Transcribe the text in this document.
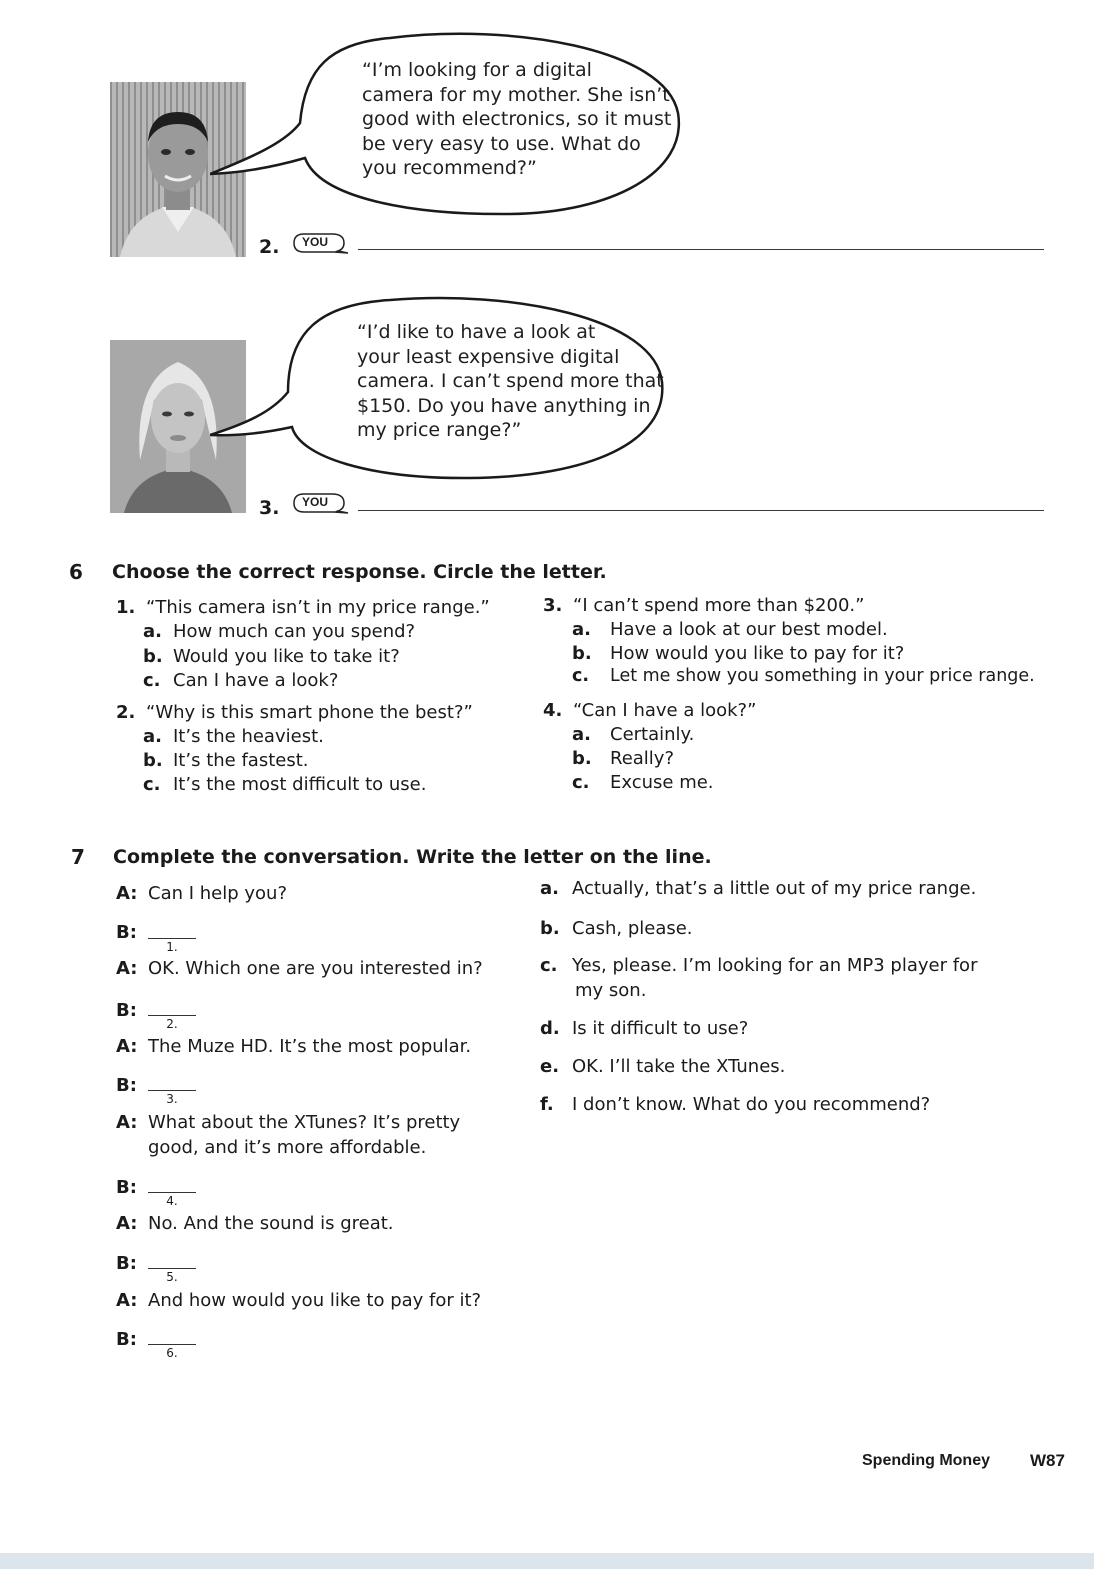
“I’m looking for a digital
camera for my mother. She isn’t
good with electronics, so it must
be very easy to use. What do
you recommend?”
2. YOU
“I’d like to have a look at
your least expensive digital
camera. I can’t spend more that
$150. Do you have anything in
my price range?”
3. YOU
6 Choose the correct response. Circle the letter.
1. “This camera isn’t in my price range.”
a. How much can you spend?
b. Would you like to take it?
c. Can I have a look?
2. “Why is this smart phone the best?”
a. It’s the heaviest.
b. It’s the fastest.
c. It’s the most difficult to use.
3. “I can’t spend more than $200.”
a. Have a look at our best model.
b. How would you like to pay for it?
c. Let me show you something in your price range.
4. “Can I have a look?”
a. Certainly.
b. Really?
c. Excuse me.
7 Complete the conversation. Write the letter on the line.
A: Can I help you?
B:
1.
A: OK. Which one are you interested in?
B:
2.
A: The Muze HD. It’s the most popular.
B:
3.
A: What about the XTunes? It’s pretty
good, and it’s more affordable.
B:
4.
A: No. And the sound is great.
B:
5.
A: And how would you like to pay for it?
B:
6.
a. Actually, that’s a little out of my price range.
b. Cash, please.
c. Yes, please. I’m looking for an MP3 player for
my son.
d. Is it difficult to use?
e. OK. I’ll take the XTunes.
f. I don’t know. What do you recommend?
Spending Money W87
